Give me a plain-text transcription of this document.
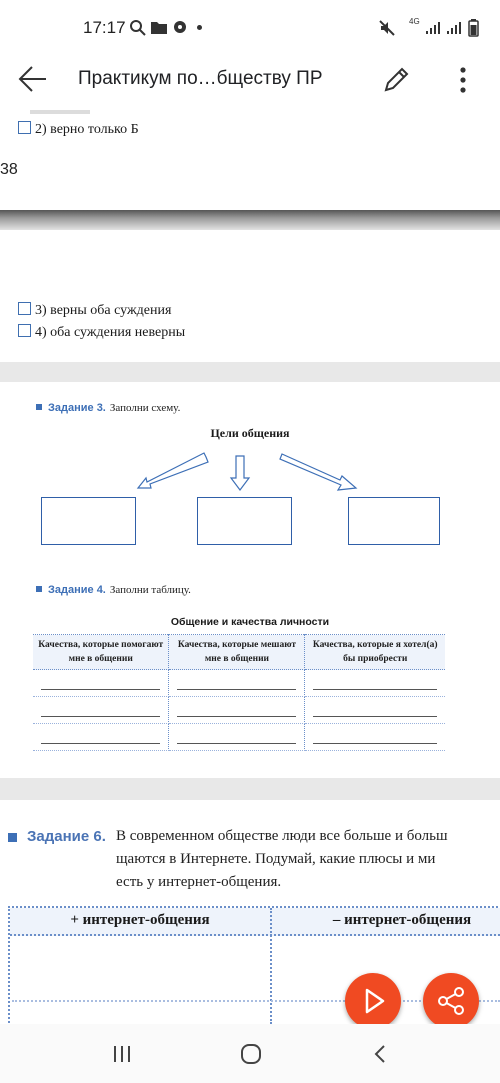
17:17	4G
Практикум по…бществу ПР
2) верно только Б
38
3) верны оба суждения
4) оба суждения неверны
Задание 3. Заполни схему.
Цели общения
Задание 4. Заполни таблицу.
Общение и качества личности
Качества, которые помогают мне в общении	Качества, которые мешают мне в общении	Качества, которые я хотел(а) бы приобрести

Задание 6. В современном обществе люди все больше и больш
щаются в Интернете. Подумай, какие плюсы и ми
есть у интернет-общения.
+ интернет-общения	– интернет-общения
